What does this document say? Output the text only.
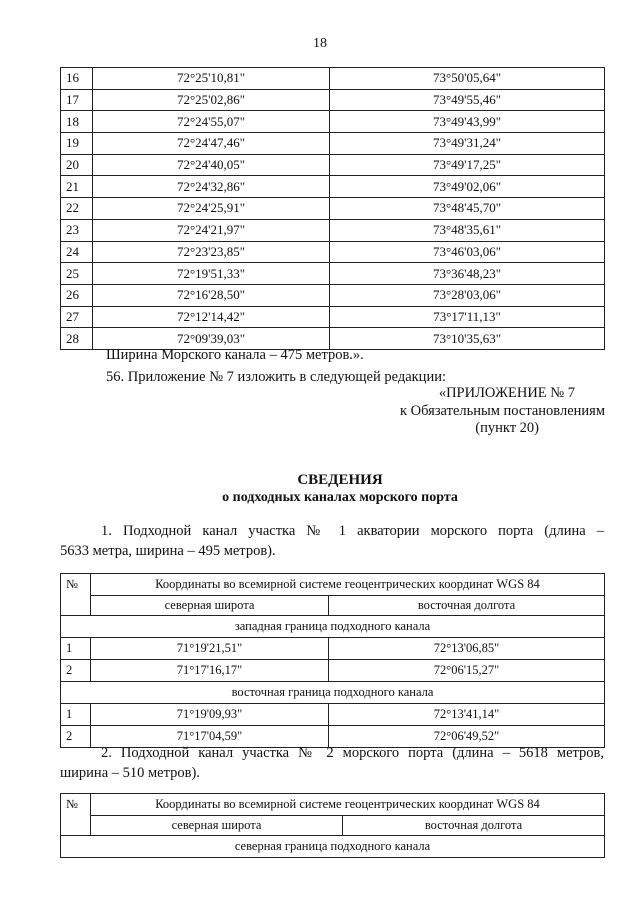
18
16	72°25'10,81"	73°50'05,64"
17	72°25'02,86"	73°49'55,46"
18	72°24'55,07"	73°49'43,99"
19	72°24'47,46"	73°49'31,24"
20	72°24'40,05"	73°49'17,25"
21	72°24'32,86"	73°49'02,06"
22	72°24'25,91"	73°48'45,70"
23	72°24'21,97"	73°48'35,61"
24	72°23'23,85"	73°46'03,06"
25	72°19'51,33"	73°36'48,23"
26	72°16'28,50"	73°28'03,06"
27	72°12'14,42"	73°17'11,13"
28	72°09'39,03"	73°10'35,63"
Ширина Морского канала – 475 метров.».
56. Приложение № 7 изложить в следующей редакции:
«ПРИЛОЖЕНИЕ № 7
к Обязательным постановлениям
(пункт 20)
СВЕДЕНИЯ
о подходных каналах морского порта
1. Подходной канал участка № 1 акватории морского порта (длина –
5633 метра, ширина – 495 метров).
№	Координаты во всемирной системе геоцентрических координат WGS 84	
	северная широта	восточная долгота
западная граница подходного канала		
1	71°19'21,51"	72°13'06,85"
2	71°17'16,17"	72°06'15,27"
восточная граница подходного канала		
1	71°19'09,93"	72°13'41,14"
2	71°17'04,59"	72°06'49,52"
2. Подходной канал участка № 2 морского порта (длина – 5618 метров,
ширина – 510 метров).
№	Координаты во всемирной системе геоцентрических координат WGS 84	
	северная широта	восточная долгота
северная граница подходного канала		
